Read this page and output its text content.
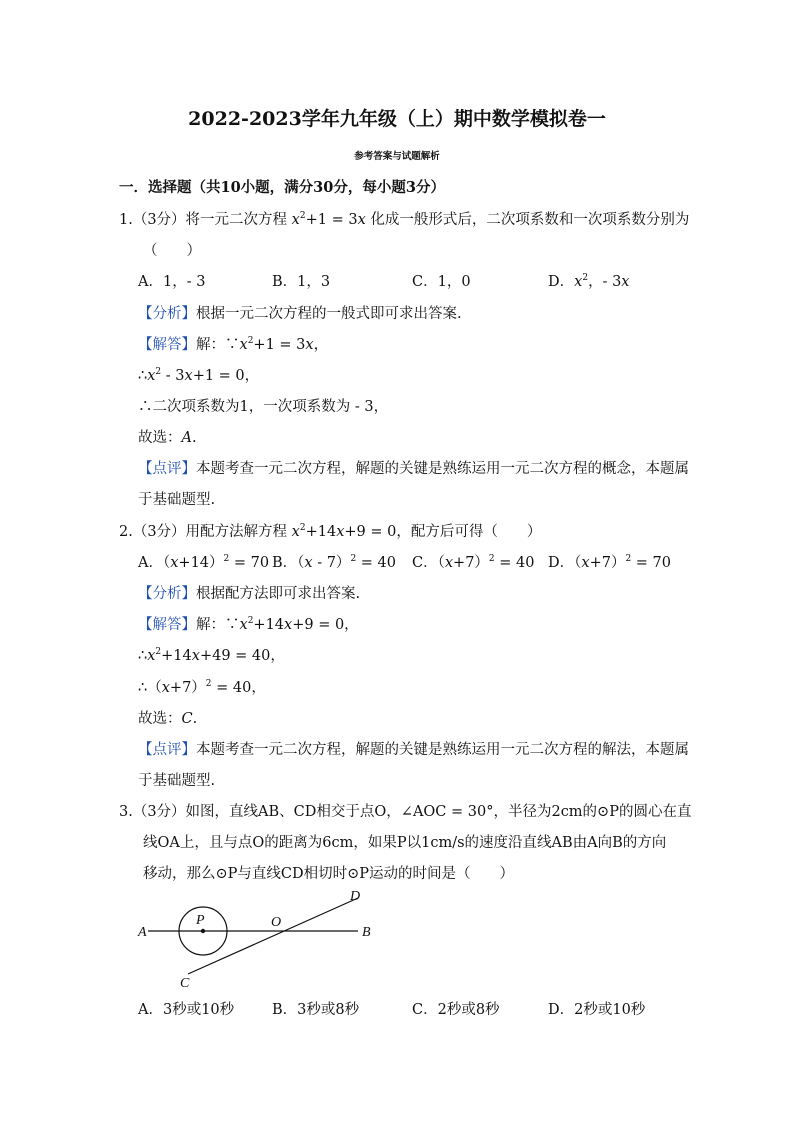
2022-2023学年九年级（上）期中数学模拟卷一
参考答案与试题解析
一．选择题（共10小题，满分30分，每小题3分）
1.（3分）将一元二次方程 $x^2+1 = 3x$ 化成一般形式后，二次项系数和一次项系数分别为
（　　）
A．1，- 3	B．1，3	C．1，0	D．$x^2$，- 3x
【分析】根据一元二次方程的一般式即可求出答案.
【解答】解：$\because x^2+1 = 3x$，
$\therefore x^2 - 3x+1 = 0$，
∴二次项系数为1，一次项系数为 - 3，
故选：A.
【点评】本题考查一元二次方程，解题的关键是熟练运用一元二次方程的概念，本题属
于基础题型.
2.（3分）用配方法解方程 $x^2+14x+9 = 0$，配方后可得（　　）
A．$(x+14)^2 = 70$ B．（x - 7）$^2$ = 40 C．$(x+7)^2 = 40$ D．$(x+7)^2 = 70$
【分析】根据配方法即可求出答案.
【解答】解：$\because x^2+14x+9 = 0$，
$\therefore x^2+14x+49 = 40$，
$\therefore(x+7)^2 = 40$，
故选：C.
【点评】本题考查一元二次方程，解题的关键是熟练运用一元二次方程的解法，本题属
于基础题型.
3.（3分）如图，直线AB、CD相交于点O，∠AOC = 30°，半径为2cm的⊙P的圆心在直
线OA上，且与点O的距离为6cm，如果P以1cm/s的速度沿直线AB由A向B的方向
移动，那么⊙P与直线CD相切时⊙P运动的时间是（　　）
A	B
C
D
O
P
A．3秒或10秒	B．3秒或8秒	C．2秒或8秒	D．2秒或10秒
